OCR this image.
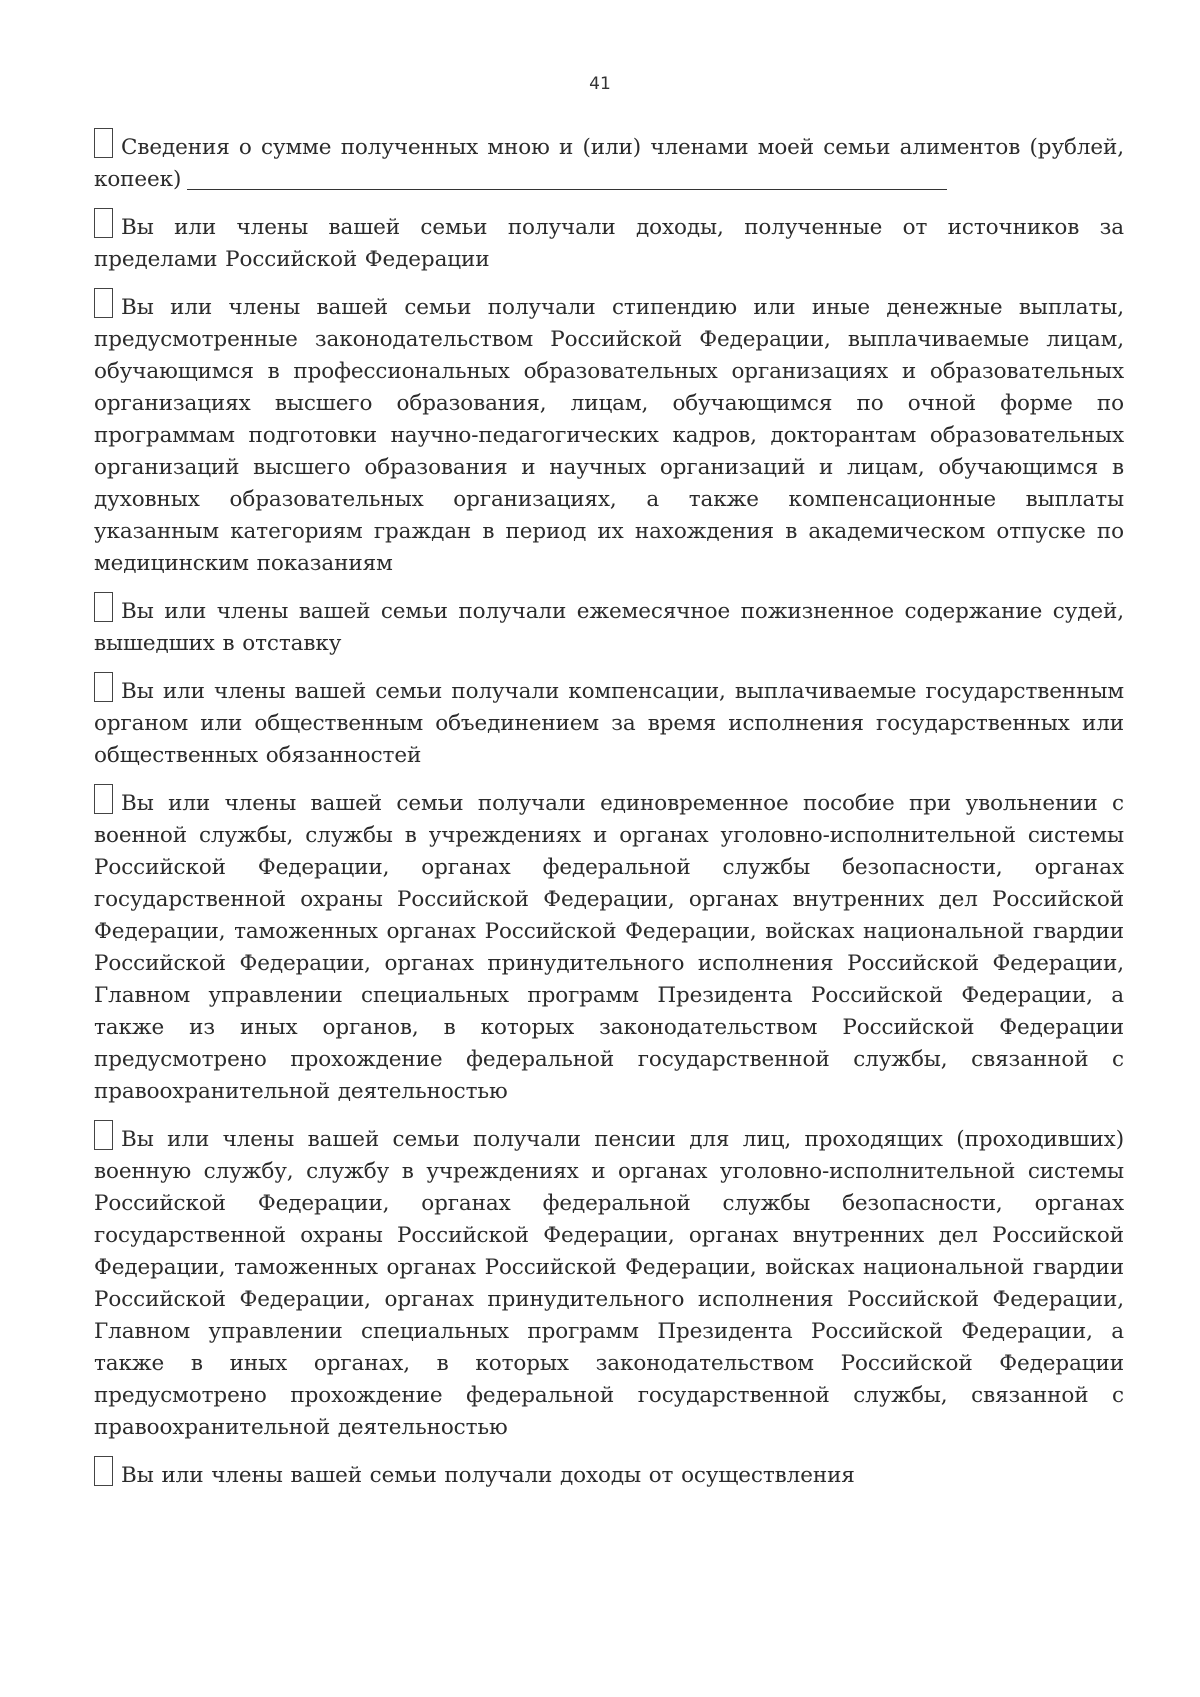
41
Сведения о сумме полученных мною и (или) членами моей семьи алиментов (рублей, копеек)
Вы или члены вашей семьи получали доходы, полученные от источников за пределами Российской Федерации
Вы или члены вашей семьи получали стипендию или иные денежные выплаты, предусмотренные законодательством Российской Федерации, выплачиваемые лицам, обучающимся в профессиональных образовательных организациях и образовательных организациях высшего образования, лицам, обучающимся по очной форме по программам подготовки научно-педагогических кадров, докторантам образовательных организаций высшего образования и научных организаций и лицам, обучающимся в духовных образовательных организациях, а также компенсационные выплаты указанным категориям граждан в период их нахождения в академическом отпуске по медицинским показаниям
Вы или члены вашей семьи получали ежемесячное пожизненное содержание судей, вышедших в отставку
Вы или члены вашей семьи получали компенсации, выплачиваемые государственным органом или общественным объединением за время исполнения государственных или общественных обязанностей
Вы или члены вашей семьи получали единовременное пособие при увольнении с военной службы, службы в учреждениях и органах уголовно-исполнительной системы Российской Федерации, органах федеральной службы безопасности, органах государственной охраны Российской Федерации, органах внутренних дел Российской Федерации, таможенных органах Российской Федерации, войсках национальной гвардии Российской Федерации, органах принудительного исполнения Российской Федерации, Главном управлении специальных программ Президента Российской Федерации, а также из иных органов, в которых законодательством Российской Федерации предусмотрено прохождение федеральной государственной службы, связанной с правоохранительной деятельностью
Вы или члены вашей семьи получали пенсии для лиц, проходящих (проходивших) военную службу, службу в учреждениях и органах уголовно-исполнительной системы Российской Федерации, органах федеральной службы безопасности, органах государственной охраны Российской Федерации, органах внутренних дел Российской Федерации, таможенных органах Российской Федерации, войсках национальной гвардии Российской Федерации, органах принудительного исполнения Российской Федерации, Главном управлении специальных программ Президента Российской Федерации, а также в иных органах, в которых законодательством Российской Федерации предусмотрено прохождение федеральной государственной службы, связанной с правоохранительной деятельностью
Вы или члены вашей семьи получали доходы от осуществления
